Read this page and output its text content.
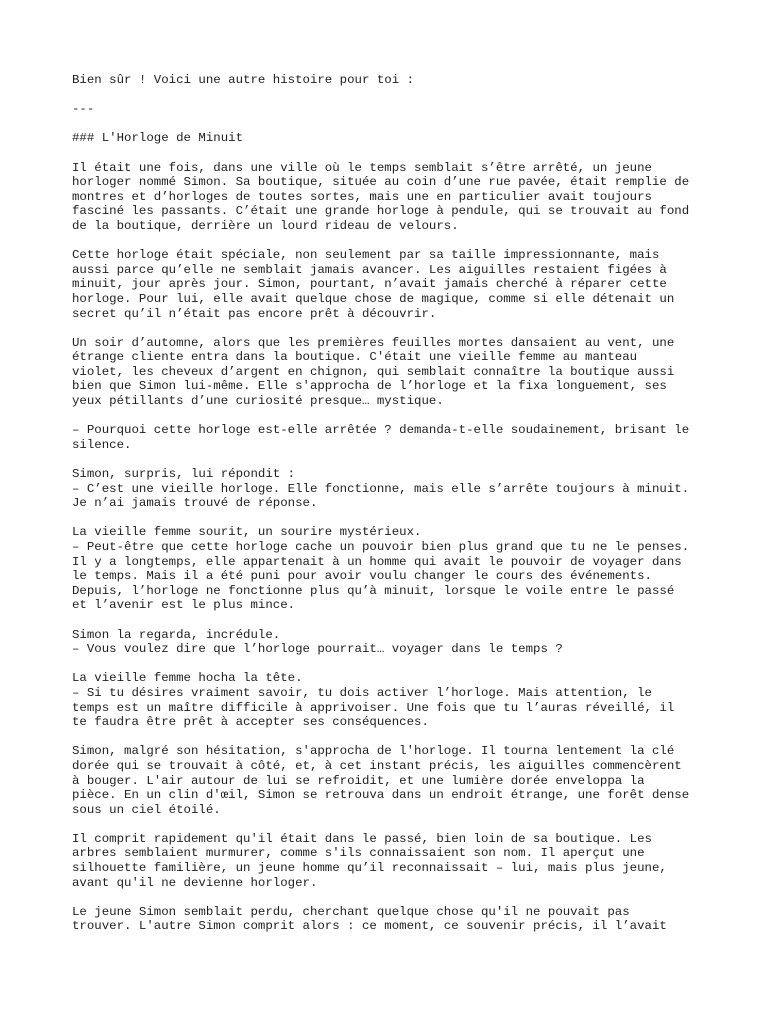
Bien sûr ! Voici une autre histoire pour toi :

---

### L'Horloge de Minuit

Il était une fois, dans une ville où le temps semblait s’être arrêté, un jeune
horloger nommé Simon. Sa boutique, située au coin d’une rue pavée, était remplie de
montres et d’horloges de toutes sortes, mais une en particulier avait toujours
fasciné les passants. C’était une grande horloge à pendule, qui se trouvait au fond
de la boutique, derrière un lourd rideau de velours.

Cette horloge était spéciale, non seulement par sa taille impressionnante, mais
aussi parce qu’elle ne semblait jamais avancer. Les aiguilles restaient figées à
minuit, jour après jour. Simon, pourtant, n’avait jamais cherché à réparer cette
horloge. Pour lui, elle avait quelque chose de magique, comme si elle détenait un
secret qu’il n’était pas encore prêt à découvrir.

Un soir d’automne, alors que les premières feuilles mortes dansaient au vent, une
étrange cliente entra dans la boutique. C'était une vieille femme au manteau
violet, les cheveux d’argent en chignon, qui semblait connaître la boutique aussi
bien que Simon lui-même. Elle s'approcha de l’horloge et la fixa longuement, ses
yeux pétillants d’une curiosité presque… mystique.

– Pourquoi cette horloge est-elle arrêtée ? demanda-t-elle soudainement, brisant le
silence.

Simon, surpris, lui répondit :
– C’est une vieille horloge. Elle fonctionne, mais elle s’arrête toujours à minuit.
Je n’ai jamais trouvé de réponse.

La vieille femme sourit, un sourire mystérieux.
– Peut-être que cette horloge cache un pouvoir bien plus grand que tu ne le penses.
Il y a longtemps, elle appartenait à un homme qui avait le pouvoir de voyager dans
le temps. Mais il a été puni pour avoir voulu changer le cours des événements.
Depuis, l’horloge ne fonctionne plus qu’à minuit, lorsque le voile entre le passé
et l’avenir est le plus mince.

Simon la regarda, incrédule.
– Vous voulez dire que l’horloge pourrait… voyager dans le temps ?

La vieille femme hocha la tête.
– Si tu désires vraiment savoir, tu dois activer l’horloge. Mais attention, le
temps est un maître difficile à apprivoiser. Une fois que tu l’auras réveillé, il
te faudra être prêt à accepter ses conséquences.

Simon, malgré son hésitation, s'approcha de l'horloge. Il tourna lentement la clé
dorée qui se trouvait à côté, et, à cet instant précis, les aiguilles commencèrent
à bouger. L'air autour de lui se refroidit, et une lumière dorée enveloppa la
pièce. En un clin d'œil, Simon se retrouva dans un endroit étrange, une forêt dense
sous un ciel étoilé.

Il comprit rapidement qu'il était dans le passé, bien loin de sa boutique. Les
arbres semblaient murmurer, comme s'ils connaissaient son nom. Il aperçut une
silhouette familière, un jeune homme qu’il reconnaissait – lui, mais plus jeune,
avant qu'il ne devienne horloger.

Le jeune Simon semblait perdu, cherchant quelque chose qu'il ne pouvait pas
trouver. L'autre Simon comprit alors : ce moment, ce souvenir précis, il l’avait
